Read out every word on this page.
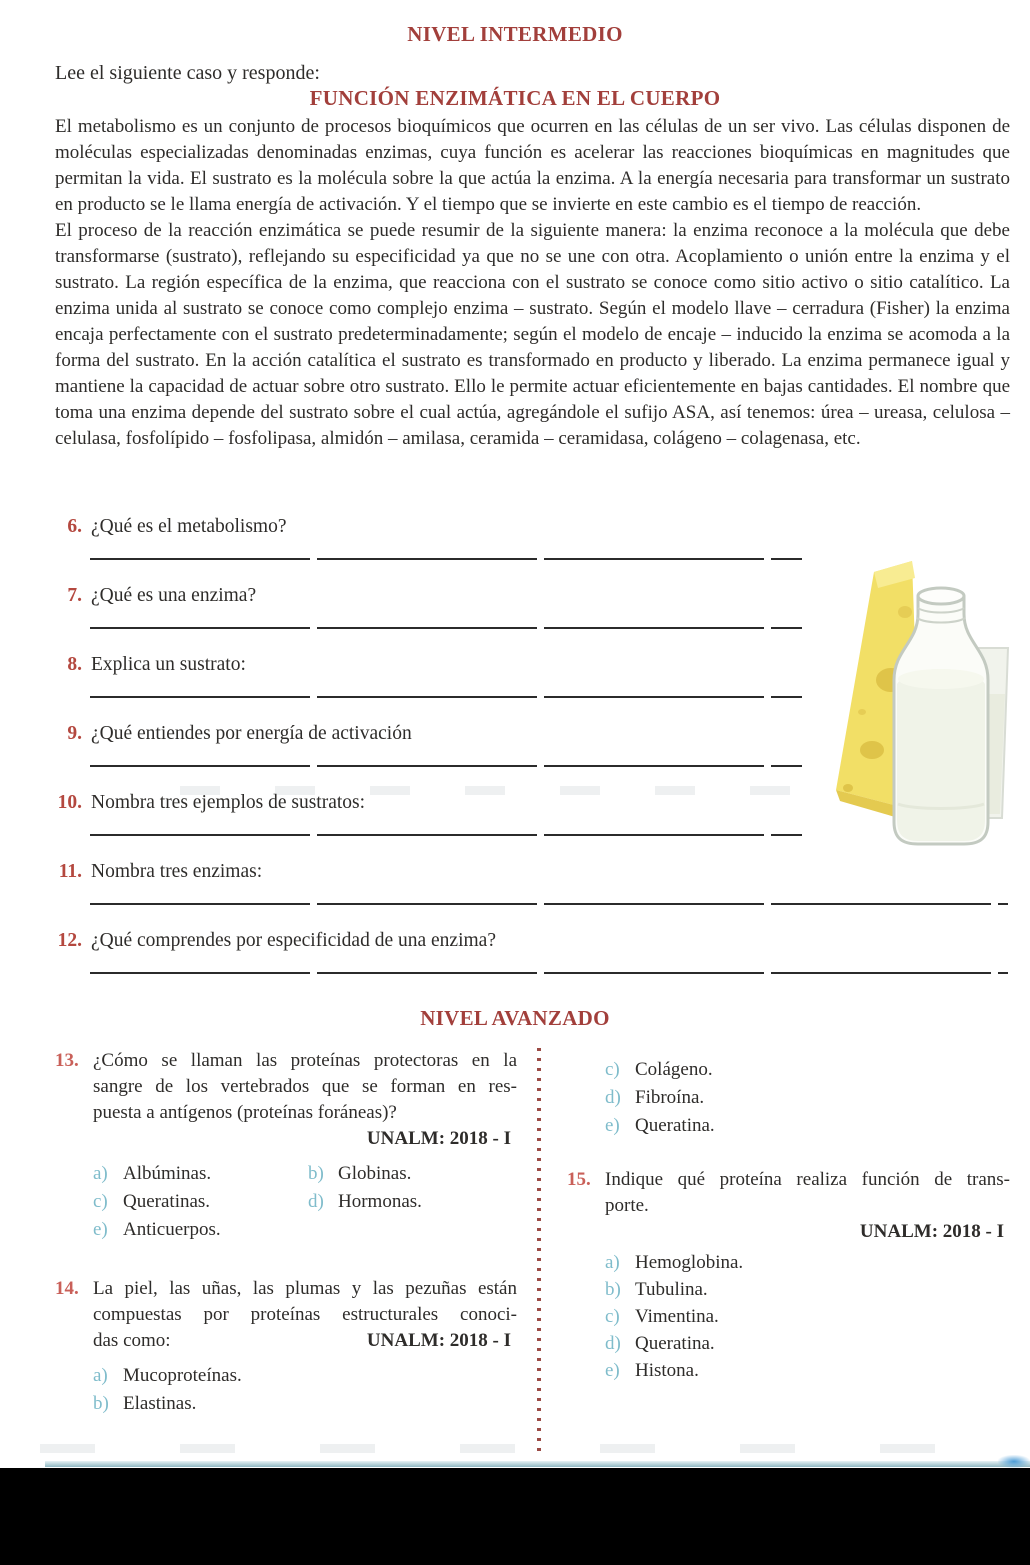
NIVEL INTERMEDIO
Lee el siguiente caso y responde:
FUNCIÓN ENZIMÁTICA EN EL CUERPO

El metabolismo es un conjunto de procesos bioquímicos que ocurren en las células de un ser vivo. Las células disponen de moléculas especializadas denominadas enzimas, cuya función es acelerar las reacciones bioquímicas en magnitudes que permitan la vida. El sustrato es la molécula sobre la que actúa la enzima. A la energía necesaria para transformar un sustrato en producto se le llama energía de activación. Y el tiempo que se invierte en este cambio es el tiempo de reacción.

El proceso de la reacción enzimática se puede resumir de la siguiente manera: la enzima reconoce a la molécula que debe transformarse (sustrato), reflejando su especificidad ya que no se une con otra. Acoplamiento o unión entre la enzima y el sustrato. La región específica de la enzima, que reacciona con el sustrato se conoce como sitio activo o sitio catalítico. La enzima unida al sustrato se conoce como complejo enzima – sustrato. Según el modelo llave – cerradura (Fisher) la enzima encaja perfectamente con el sustrato predeterminadamente; según el modelo de encaje – inducido la enzima se acomoda a la forma del sustrato. En la acción catalítica el sustrato es transformado en producto y liberado. La enzima permanece igual y mantiene la capacidad de actuar sobre otro sustrato. Ello le permite actuar eficientemente en bajas cantidades. El nombre que toma una enzima depende del sustrato sobre el cual actúa, agregándole el sufijo ASA, así tenemos: úrea – ureasa, celulosa – celulasa, fosfolípido – fosfolipasa, almidón – amilasa, ceramida – ceramidasa, colágeno – colagenasa, etc.

6. ¿Qué es el metabolismo?
7. ¿Qué es una enzima?
8. Explica un sustrato:
9. ¿Qué entiendes por energía de activación
10. Nombra tres ejemplos de sustratos:
11. Nombra tres enzimas:
12. ¿Qué comprendes por especificidad de una enzima?
NIVEL AVANZADO
13. ¿Cómo se llaman las proteínas protectoras en la
sangre de los vertebrados que se forman en res-
puesta a antígenos (proteínas foráneas)?
UNALM: 2018 - I
a) Albúminas.	b) Globinas.
c) Queratinas.	d) Hormonas.
e) Anticuerpos.
14. La piel, las uñas, las plumas y las pezuñas están
compuestas por proteínas estructurales conoci-
das como:	UNALM: 2018 - I
a) Mucoproteínas.
b) Elastinas.
c) Colágeno.
d) Fibroína.
e) Queratina.
15. Indique qué proteína realiza función de trans-
porte.
UNALM: 2018 - I
a) Hemoglobina.
b) Tubulina.
c) Vimentina.
d) Queratina.
e) Histona.
